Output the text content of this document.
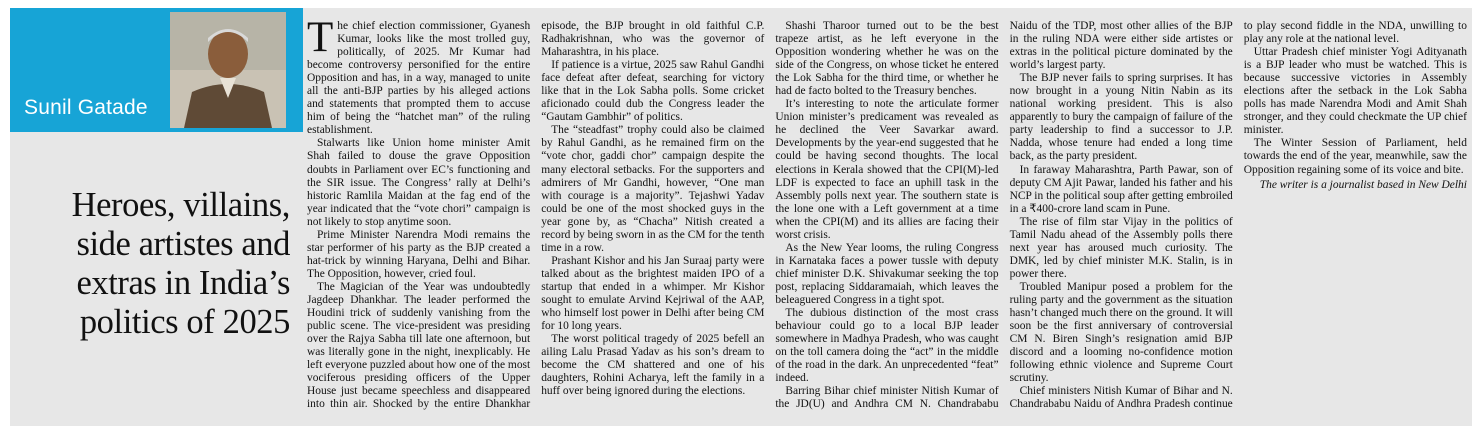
Sunil Gatade
Heroes, villains, side artistes and extras in India’s politics of 2025

The chief election commissioner, Gyanesh Kumar, looks like the most trolled guy, politically, of 2025. Mr Kumar had become controversy personified for the entire Opposition and has, in a way, managed to unite all the anti-BJP parties by his alleged actions and statements that prompted them to accuse him of being the “hatchet man” of the ruling establishment.

Stalwarts like Union home minister Amit Shah failed to douse the grave Opposition doubts in Parliament over EC’s functioning and the SIR issue. The Congress’ rally at Delhi’s historic Ramlila Maidan at the fag end of the year indicated that the “vote chori” campaign is not likely to stop anytime soon.

Prime Minister Narendra Modi remains the star performer of his party as the BJP created a hat-trick by winning Haryana, Delhi and Bihar. The Opposition, however, cried foul.

The Magician of the Year was undoubtedly Jagdeep Dhankhar. The leader performed the Houdini trick of suddenly vanishing from the public scene. The vice-president was presiding over the Rajya Sabha till late one afternoon, but was literally gone in the night, inexplicably. He left everyone puzzled about how one of the most vociferous presiding officers of the Upper House just became speechless and disappeared into thin air. Shocked by the entire Dhankhar episode, the BJP brought in old faithful C.P. Radhakrishnan, who was the governor of Maharashtra, in his place.

If patience is a virtue, 2025 saw Rahul Gandhi face defeat after defeat, searching for victory like that in the Lok Sabha polls. Some cricket aficionado could dub the Congress leader the “Gautam Gambhir” of politics.

The “steadfast” trophy could also be claimed by Rahul Gandhi, as he remained firm on the “vote chor, gaddi chor” campaign despite the many electoral setbacks. For the supporters and admirers of Mr Gandhi, however, “One man with courage is a majority”. Tejashwi Yadav could be one of the most shocked guys in the year gone by, as “Chacha” Nitish created a record by being sworn in as the CM for the tenth time in a row.

Prashant Kishor and his Jan Suraaj party were talked about as the brightest maiden IPO of a startup that ended in a whimper. Mr Kishor sought to emulate Arvind Kejriwal of the AAP, who himself lost power in Delhi after being CM for 10 long years.

The worst political tragedy of 2025 befell an ailing Lalu Prasad Yadav as his son’s dream to become the CM shattered and one of his daughters, Rohini Acharya, left the family in a huff over being ignored during the elections.

Shashi Tharoor turned out to be the best trapeze artist, as he left everyone in the Opposition wondering whether he was on the side of the Congress, on whose ticket he entered the Lok Sabha for the third time, or whether he had de facto bolted to the Treasury benches.

It’s interesting to note the articulate former Union minister’s predicament was revealed as he declined the Veer Savarkar award. Developments by the year-end suggested that he could be having second thoughts. The local elections in Kerala showed that the CPI(M)-led LDF is expected to face an uphill task in the Assembly polls next year. The southern state is the lone one with a Left government at a time when the CPI(M) and its allies are facing their worst crisis.

As the New Year looms, the ruling Congress in Karnataka faces a power tussle with deputy chief minister D.K. Shivakumar seeking the top post, replacing Siddaramaiah, which leaves the beleaguered Congress in a tight spot.

The dubious distinction of the most crass behaviour could go to a local BJP leader somewhere in Madhya Pradesh, who was caught on the toll camera doing the “act” in the middle of the road in the dark. An unprecedented “feat” indeed.

Barring Bihar chief minister Nitish Kumar of the JD(U) and Andhra CM N. Chandrababu Naidu of the TDP, most other allies of the BJP in the ruling NDA were either side artistes or extras in the political picture dominated by the world’s largest party.

The BJP never fails to spring surprises. It has now brought in a young Nitin Nabin as its national working president. This is also apparently to bury the campaign of failure of the party leadership to find a successor to J.P. Nadda, whose tenure had ended a long time back, as the party president.

In faraway Maharashtra, Parth Pawar, son of deputy CM Ajit Pawar, landed his father and his NCP in the political soup after getting embroiled in a ₹400-crore land scam in Pune.

The rise of film star Vijay in the politics of Tamil Nadu ahead of the Assembly polls there next year has aroused much curiosity. The DMK, led by chief minister M.K. Stalin, is in power there.

Troubled Manipur posed a problem for the ruling party and the government as the situation hasn’t changed much there on the ground. It will soon be the first anniversary of controversial CM N. Biren Singh’s resignation amid BJP discord and a looming no-confidence motion following ethnic violence and Supreme Court scrutiny.

Chief ministers Nitish Kumar of Bihar and N. Chandrababu Naidu of Andhra Pradesh continue to play second fiddle in the NDA, unwilling to play any role at the national level.

Uttar Pradesh chief minister Yogi Adityanath is a BJP leader who must be watched. This is because successive victories in Assembly elections after the setback in the Lok Sabha polls has made Narendra Modi and Amit Shah stronger, and they could checkmate the UP chief minister.

The Winter Session of Parliament, held towards the end of the year, meanwhile, saw the Opposition regaining some of its voice and bite.

The writer is a journalist based in New Delhi
